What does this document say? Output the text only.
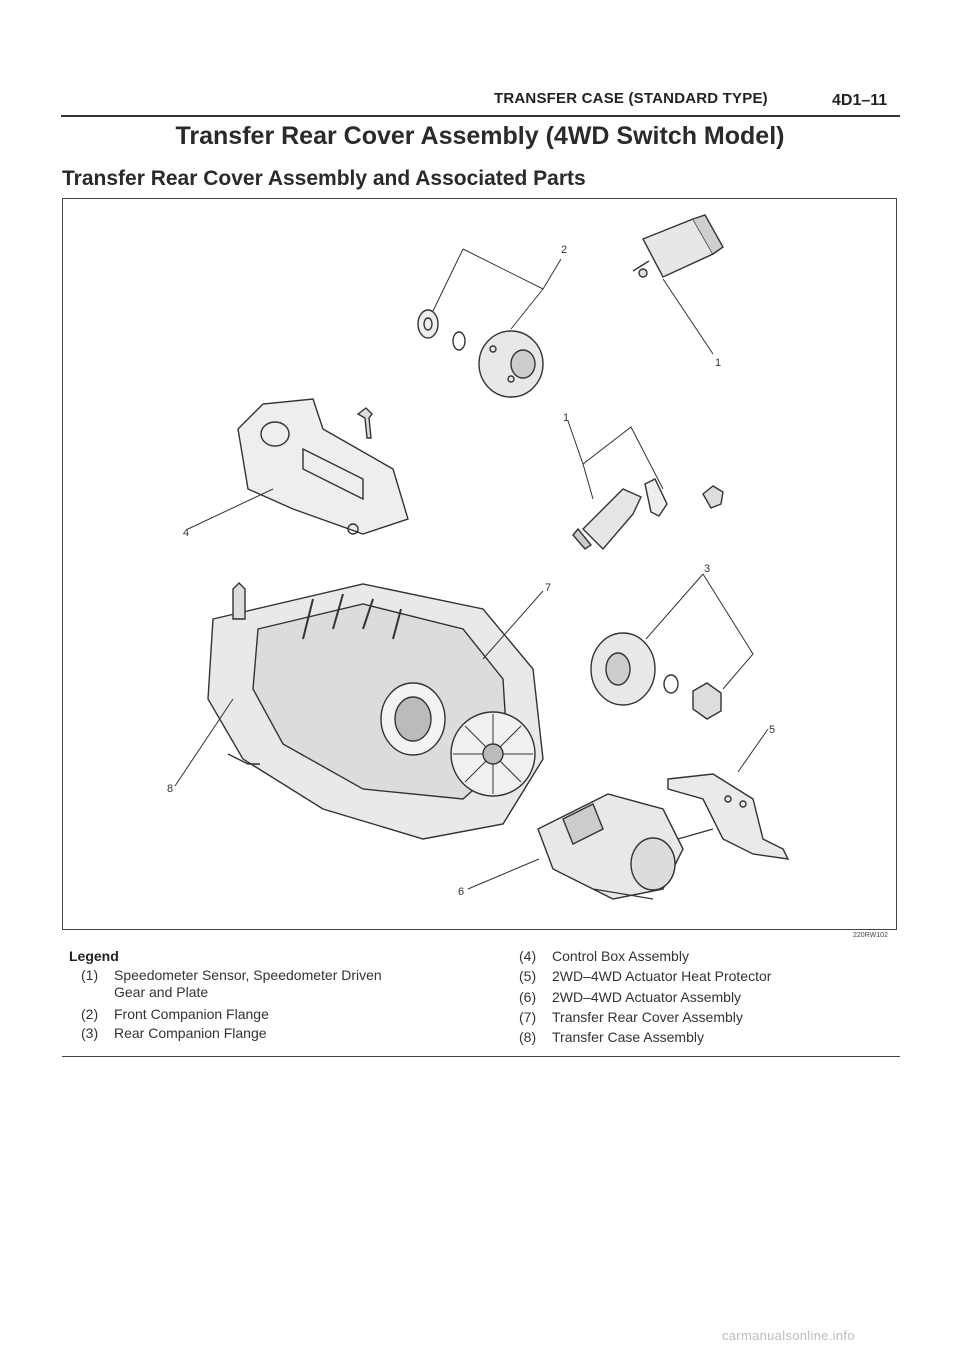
TRANSFER CASE (STANDARD TYPE)	4D1–11
Transfer Rear Cover Assembly (4WD Switch Model)
Transfer Rear Cover Assembly and Associated Parts
2
1
1
4
7
3
5
8
6
220RW102
Legend
(1) Speedometer Sensor, Speedometer Driven Gear and Plate
(2) Front Companion Flange
(3) Rear Companion Flange
(4) Control Box Assembly
(5) 2WD–4WD Actuator Heat Protector
(6) 2WD–4WD Actuator Assembly
(7) Transfer Rear Cover Assembly
(8) Transfer Case Assembly
carmanualsonline.info
